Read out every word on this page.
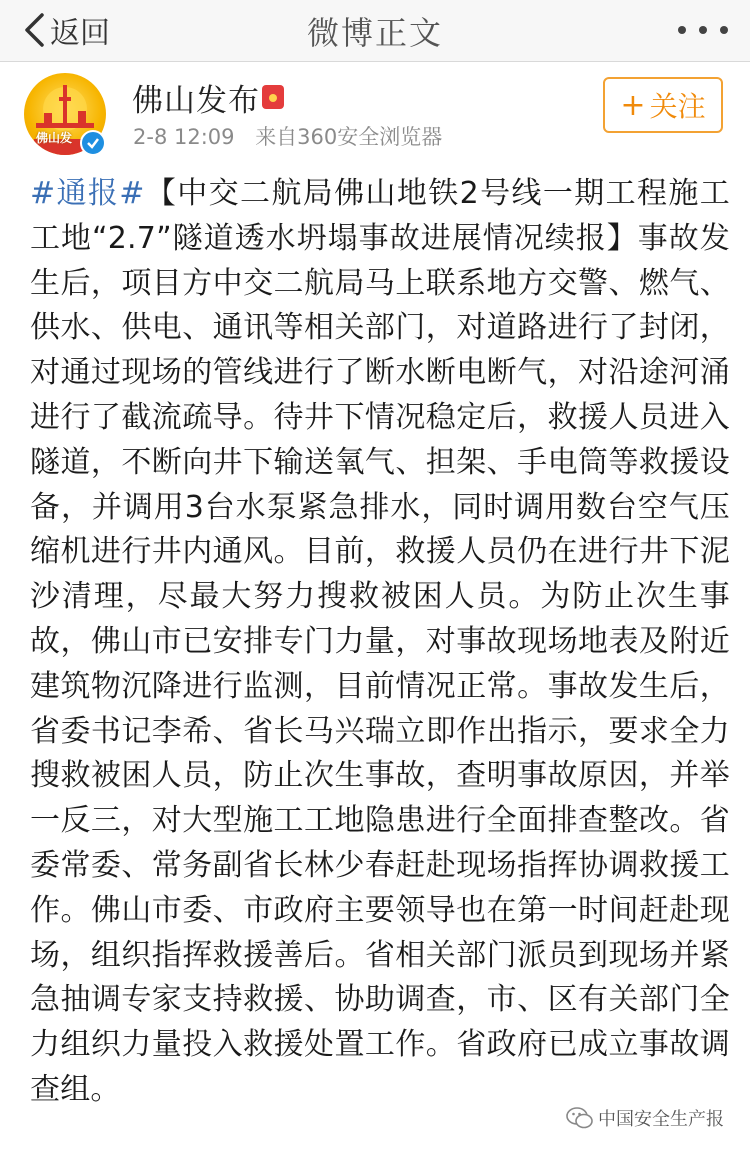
返回	微博正文
佛山发
佛山发布
2-8 12:09 来自360安全浏览器
+ 关注
#通报#【中交二航局佛山地铁2号线一期工程施工工地“2.7”隧道透水坍塌事故进展情况续报】事故发生后，项目方中交二航局马上联系地方交警、燃气、供水、供电、通讯等相关部门，对道路进行了封闭，对通过现场的管线进行了断水断电断气，对沿途河涌进行了截流疏导。待井下情况稳定后，救援人员进入隧道，不断向井下输送氧气、担架、手电筒等救援设备，并调用3台水泵紧急排水，同时调用数台空气压缩机进行井内通风。目前，救援人员仍在进行井下泥沙清理，尽最大努力搜救被困人员。为防止次生事故，佛山市已安排专门力量，对事故现场地表及附近建筑物沉降进行监测，目前情况正常。事故发生后，省委书记李希、省长马兴瑞立即作出指示，要求全力搜救被困人员，防止次生事故，查明事故原因，并举一反三，对大型施工工地隐患进行全面排查整改。省委常委、常务副省长林少春赶赴现场指挥协调救援工作。佛山市委、市政府主要领导也在第一时间赶赴现场，组织指挥救援善后。省相关部门派员到现场并紧急抽调专家支持救援、协助调查，市、区有关部门全力组织力量投入救援处置工作。省政府已成立事故调查组。
中国安全生产报
